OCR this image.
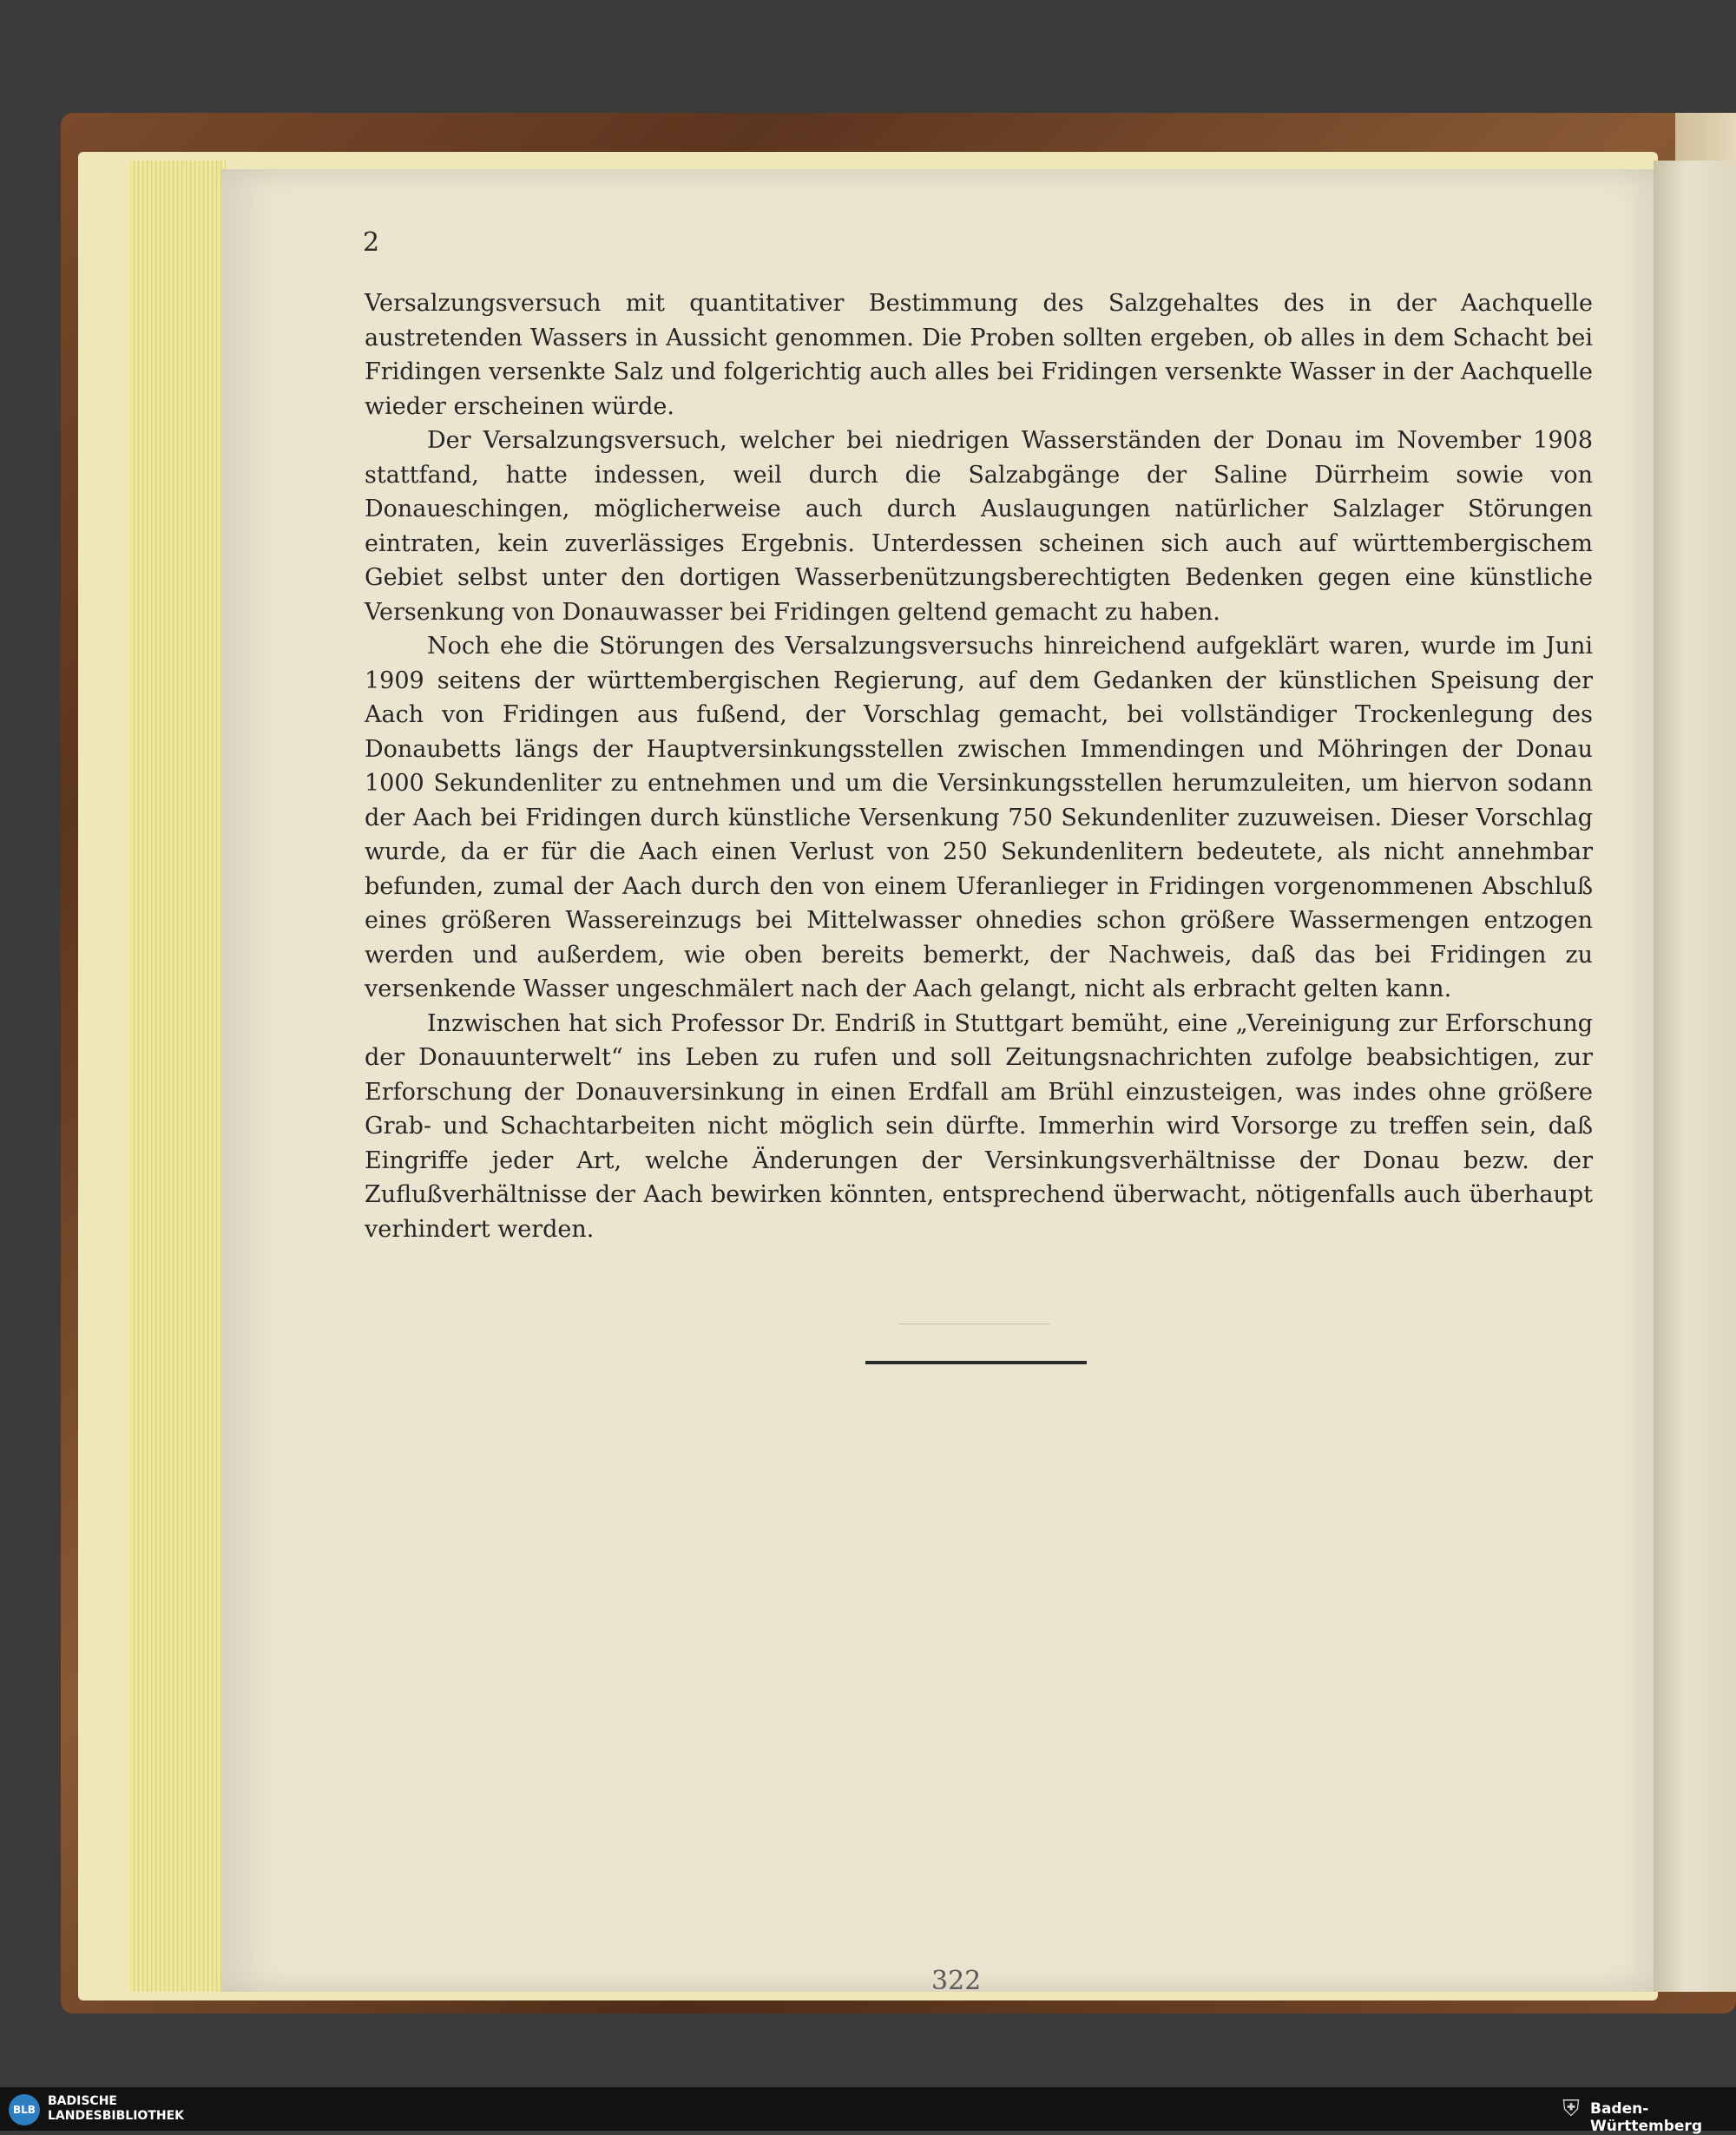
2

Versalzungsversuch mit quantitativer Bestimmung des Salzgehaltes des in der Aachquelle austretenden Wassers in Aussicht genommen. Die Proben sollten ergeben, ob alles in dem Schacht bei Fridingen versenkte Salz und folgerichtig auch alles bei Fridingen versenkte Wasser in der Aachquelle wieder erscheinen würde.

Der Versalzungsversuch, welcher bei niedrigen Wasserständen der Donau im November 1908 stattfand, hatte indessen, weil durch die Salzabgänge der Saline Dürrheim sowie von Donaueschingen, möglicherweise auch durch Auslaugungen natürlicher Salzlager Störungen eintraten, kein zuverlässiges Ergebnis. Unterdessen scheinen sich auch auf württembergischem Gebiet selbst unter den dortigen Wasserbenützungsberechtigten Bedenken gegen eine künstliche Versenkung von Donauwasser bei Fridingen geltend gemacht zu haben.

Noch ehe die Störungen des Versalzungsversuchs hinreichend aufgeklärt waren, wurde im Juni 1909 seitens der württembergischen Regierung, auf dem Gedanken der künstlichen Speisung der Aach von Fridingen aus fußend, der Vorschlag gemacht, bei vollständiger Trockenlegung des Donaubetts längs der Hauptversinkungsstellen zwischen Immendingen und Möhringen der Donau 1000 Sekundenliter zu entnehmen und um die Versinkungsstellen herumzuleiten, um hiervon sodann der Aach bei Fridingen durch künstliche Versenkung 750 Sekundenliter zuzuweisen. Dieser Vorschlag wurde, da er für die Aach einen Verlust von 250 Sekundenlitern bedeutete, als nicht annehmbar befunden, zumal der Aach durch den von einem Uferanlieger in Fridingen vorgenommenen Abschluß eines größeren Wassereinzugs bei Mittelwasser ohnedies schon größere Wassermengen entzogen werden und außerdem, wie oben bereits bemerkt, der Nachweis, daß das bei Fridingen zu versenkende Wasser ungeschmälert nach der Aach gelangt, nicht als erbracht gelten kann.

Inzwischen hat sich Professor Dr. Endriß in Stuttgart bemüht, eine „Vereinigung zur Erforschung der Donauunterwelt“ ins Leben zu rufen und soll Zeitungsnachrichten zufolge beabsichtigen, zur Erforschung der Donauversinkung in einen Erdfall am Brühl einzusteigen, was indes ohne größere Grab- und Schachtarbeiten nicht möglich sein dürfte. Immerhin wird Vorsorge zu treffen sein, daß Eingriffe jeder Art, welche Änderungen der Versinkungsverhältnisse der Donau bezw. der Zuflußverhältnisse der Aach bewirken könnten, entsprechend überwacht, nötigenfalls auch überhaupt verhindert werden.

322
BLB
BADISCHE
LANDESBIBLIOTHEK	⛨ Baden-Württemberg
